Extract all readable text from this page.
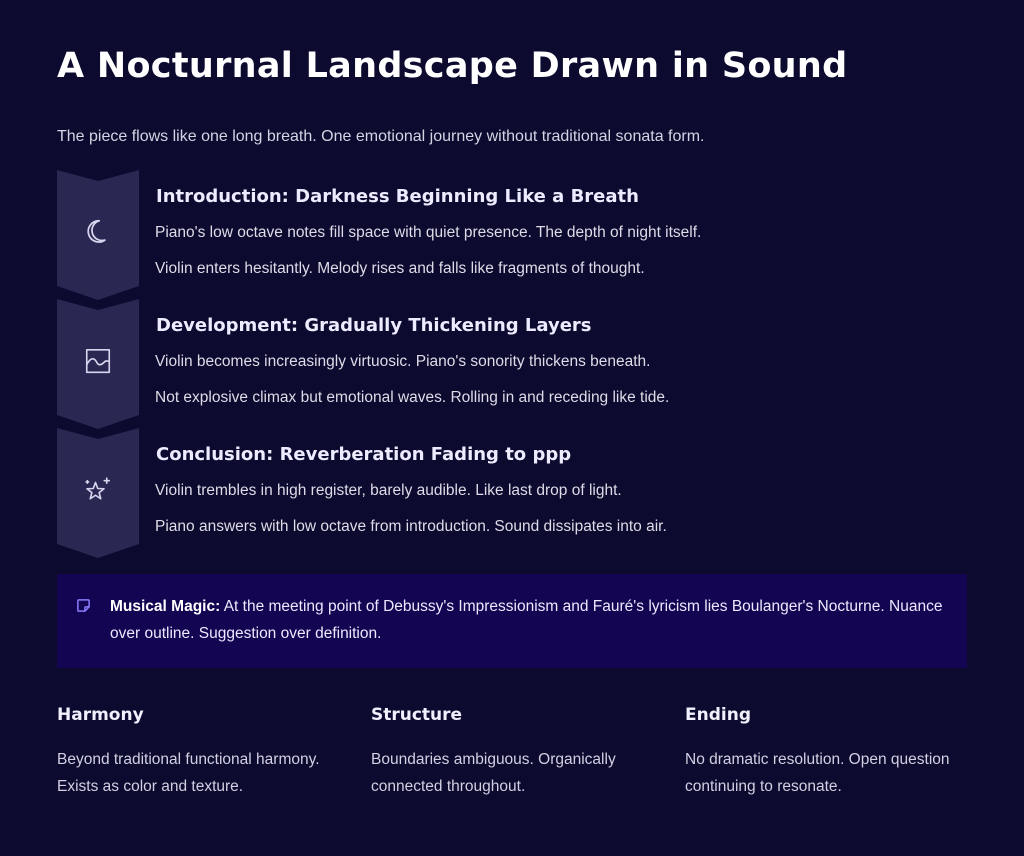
A Nocturnal Landscape Drawn in Sound

The piece flows like one long breath. One emotional journey without traditional sonata form.

Introduction: Darkness Beginning Like a Breath

Piano's low octave notes fill space with quiet presence. The depth of night itself.

Violin enters hesitantly. Melody rises and falls like fragments of thought.

Development: Gradually Thickening Layers

Violin becomes increasingly virtuosic. Piano's sonority thickens beneath.

Not explosive climax but emotional waves. Rolling in and receding like tide.

Conclusion: Reverberation Fading to ppp

Violin trembles in high register, barely audible. Like last drop of light.

Piano answers with low octave from introduction. Sound dissipates into air.

Musical Magic: At the meeting point of Debussy's Impressionism and Fauré's lyricism lies Boulanger's Nocturne. Nuance over outline. Suggestion over definition.

Harmony

Beyond traditional functional harmony. Exists as color and texture.

Structure

Boundaries ambiguous. Organically connected throughout.

Ending

No dramatic resolution. Open question continuing to resonate.
